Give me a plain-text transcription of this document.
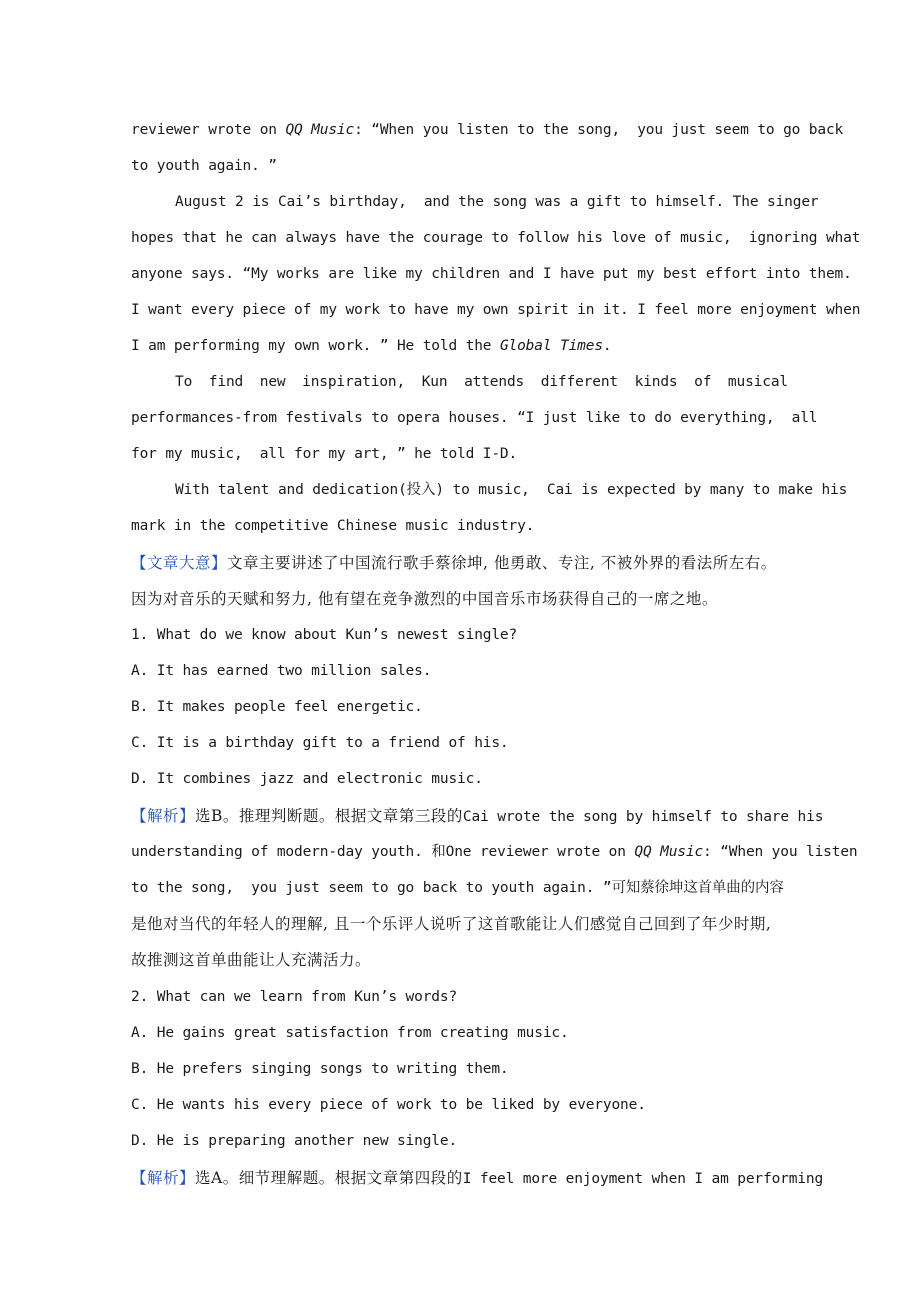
reviewer wrote on QQ Music: “When you listen to the song,  you just seem to go back
to youth again. ”
August 2 is Cai’s birthday,  and the song was a gift to himself. The singer
hopes that he can always have the courage to follow his love of music,  ignoring what
anyone says. “My works are like my children and I have put my best effort into them.
I want every piece of my work to have my own spirit in it. I feel more enjoyment when
I am performing my own work. ” He told the Global Times.
To find new inspiration, Kun attends different kinds of musical
performances-from festivals to opera houses. “I just like to do everything,  all
for my music,  all for my art, ” he told I-D.
With talent and dedication(投入) to music,  Cai is expected by many to make his
mark in the competitive Chinese music industry.
【文章大意】文章主要讲述了中国流行歌手蔡徐坤, 他勇敢、专注, 不被外界的看法所左右。
因为对音乐的天赋和努力, 他有望在竞争激烈的中国音乐市场获得自己的一席之地。
1. What do we know about Kun’s newest single?
A. It has earned two million sales.
B. It makes people feel energetic.
C. It is a birthday gift to a friend of his.
D. It combines jazz and electronic music.
【解析】选B。推理判断题。根据文章第三段的Cai wrote the song by himself to share his
understanding of modern-day youth. 和One reviewer wrote on QQ Music: “When you listen
to the song,  you just seem to go back to youth again. ”可知蔡徐坤这首单曲的内容
是他对当代的年轻人的理解, 且一个乐评人说听了这首歌能让人们感觉自己回到了年少时期,
故推测这首单曲能让人充满活力。
2. What can we learn from Kun’s words?
A. He gains great satisfaction from creating music.
B. He prefers singing songs to writing them.
C. He wants his every piece of work to be liked by everyone.
D. He is preparing another new single.
【解析】选A。细节理解题。根据文章第四段的I feel more enjoyment when I am performing
